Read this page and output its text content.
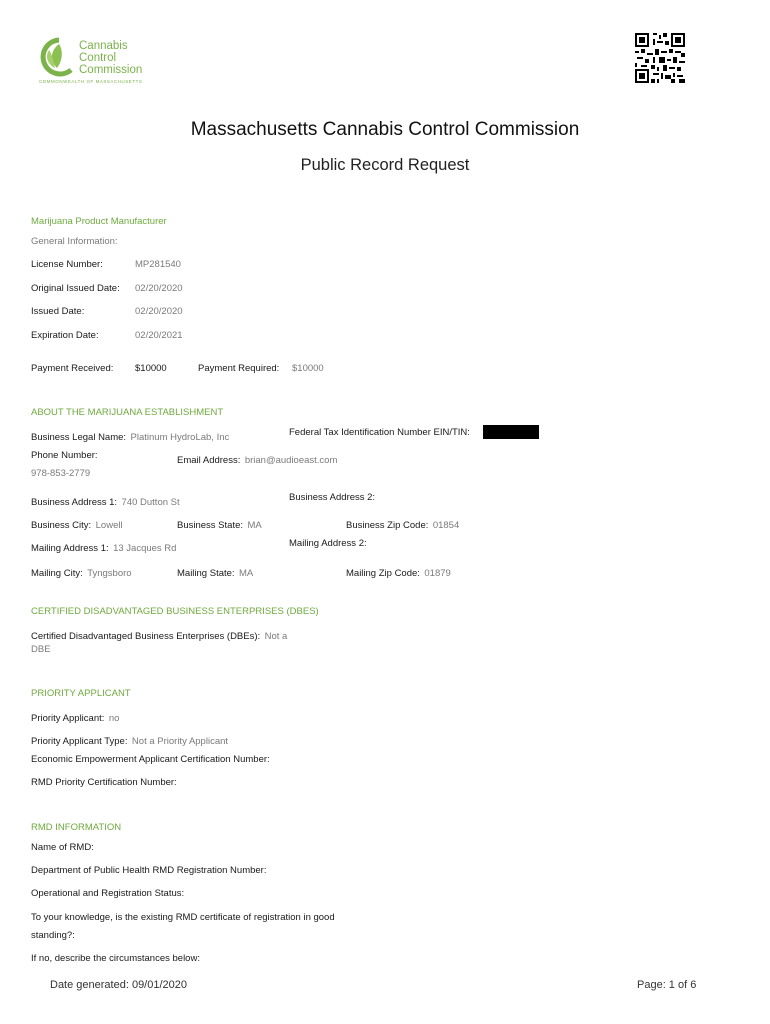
Cannabis
Control
Commission
COMMONWEALTH OF MASSACHUSETTS
Massachusetts Cannabis Control Commission
Public Record Request
Marijuana Product Manufacturer
General Information:
License Number:	MP281540
Original Issued Date: 02/20/2020
Issued Date:	02/20/2020
Expiration Date:	02/20/2021
Payment Received: $10000	Payment Required: $10000
ABOUT THE MARIJUANA ESTABLISHMENT
Business Legal Name: Platinum HydroLab, Inc	Federal Tax Identification Number EIN/TIN:
Phone Number:	Email Address: brian@audioeast.com
978-853-2779
Business Address 1: 740 Dutton St	Business Address 2:
Business City: Lowell	Business State: MA	Business Zip Code: 01854
Mailing Address 1: 13 Jacques Rd	Mailing Address 2:
Mailing City: Tyngsboro	Mailing State: MA	Mailing Zip Code: 01879
CERTIFIED DISADVANTAGED BUSINESS ENTERPRISES (DBES)
Certified Disadvantaged Business Enterprises (DBEs): Not a
DBE
PRIORITY APPLICANT
Priority Applicant: no
Priority Applicant Type: Not a Priority Applicant
Economic Empowerment Applicant Certification Number:
RMD Priority Certification Number:
RMD INFORMATION
Name of RMD:
Department of Public Health RMD Registration Number:
Operational and Registration Status:
To your knowledge, is the existing RMD certificate of registration in good
standing?:
If no, describe the circumstances below:
Date generated: 09/01/2020	Page: 1 of 6
